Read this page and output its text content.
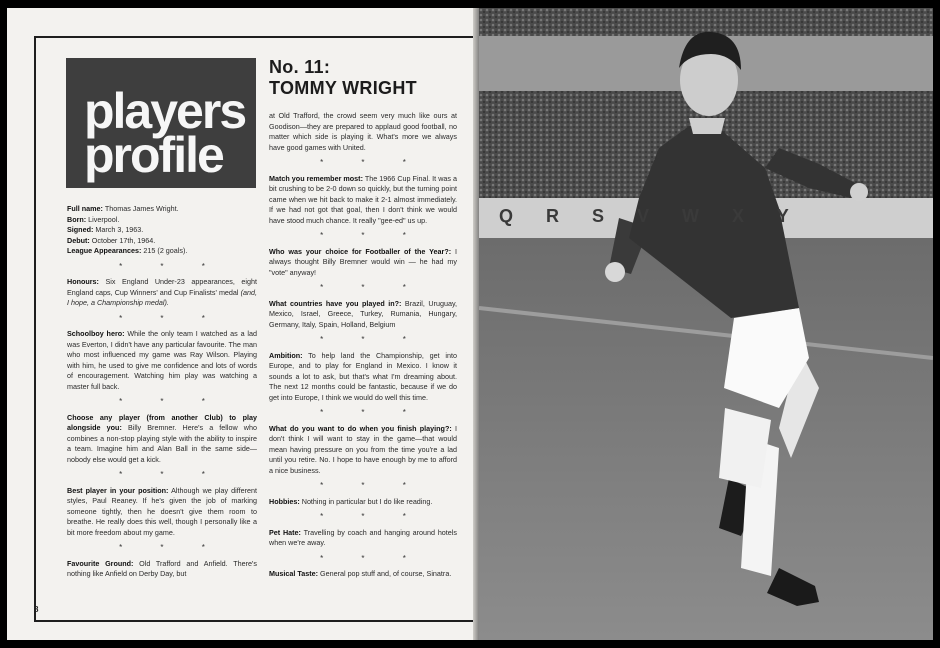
players
profile
No. 11:
TOMMY WRIGHT
Full name: Thomas James Wright.
Born: Liverpool.
Signed: March 3, 1963.
Debut: October 17th, 1964.
League Appearances: 215 (2 goals).
* * *

Honours: Six England Under-23 appearances, eight England caps, Cup Winners' and Cup Finalists' medal (and, I hope, a Championship medal).

* * *

Schoolboy hero: While the only team I watched as a lad was Everton, I didn't have any particular favourite. The man who most influenced my game was Ray Wilson. Playing with him, he used to give me confidence and lots of words of encouragement. Watching him play was watching a master full back.

* * *

Choose any player (from another Club) to play alongside you: Billy Bremner. Here's a fellow who combines a non-stop playing style with the ability to inspire a team. Imagine him and Alan Ball in the same side—nobody else would get a kick.

* * *

Best player in your position: Although we play different styles, Paul Reaney. If he's given the job of marking someone tightly, then he doesn't give them room to breathe. He really does this well, though I personally like a bit more freedom about my game.

* * *

Favourite Ground: Old Trafford and Anfield. There's nothing like Anfield on Derby Day, but

at Old Trafford, the crowd seem very much like ours at Goodison—they are prepared to applaud good football, no matter which side is playing it. What's more we always have good games with United.

* * *

Match you remember most: The 1966 Cup Final. It was a bit crushing to be 2-0 down so quickly, but the turning point came when we hit back to make it 2-1 almost immediately. If we had not got that goal, then I don't think we would have stood much chance. It really "gee-ed" us up.

* * *

Who was your choice for Footballer of the Year?: I always thought Billy Bremner would win — he had my "vote" anyway!

* * *

What countries have you played in?: Brazil, Uruguay, Mexico, Israel, Greece, Turkey, Rumania, Hungary, Germany, Italy, Spain, Holland, Belgium

* * *

Ambition: To help land the Championship, get into Europe, and to play for England in Mexico. I know it sounds a lot to ask, but that's what I'm dreaming about. The next 12 months could be fantastic, because if we do get into Europe, I think we would do well this time.

* * *

What do you want to do when you finish playing?: I don't think I will want to stay in the game—that would mean having pressure on you from the time you're a lad until you retire. No. I hope to have enough by me to afford a nice business.

* * *

Hobbies: Nothing in particular but I do like reading.

* * *

Pet Hate: Travelling by coach and hanging around hotels when we're away.

* * *

Musical Taste: General pop stuff and, of course, Sinatra.

8
Q R S V W X Y
